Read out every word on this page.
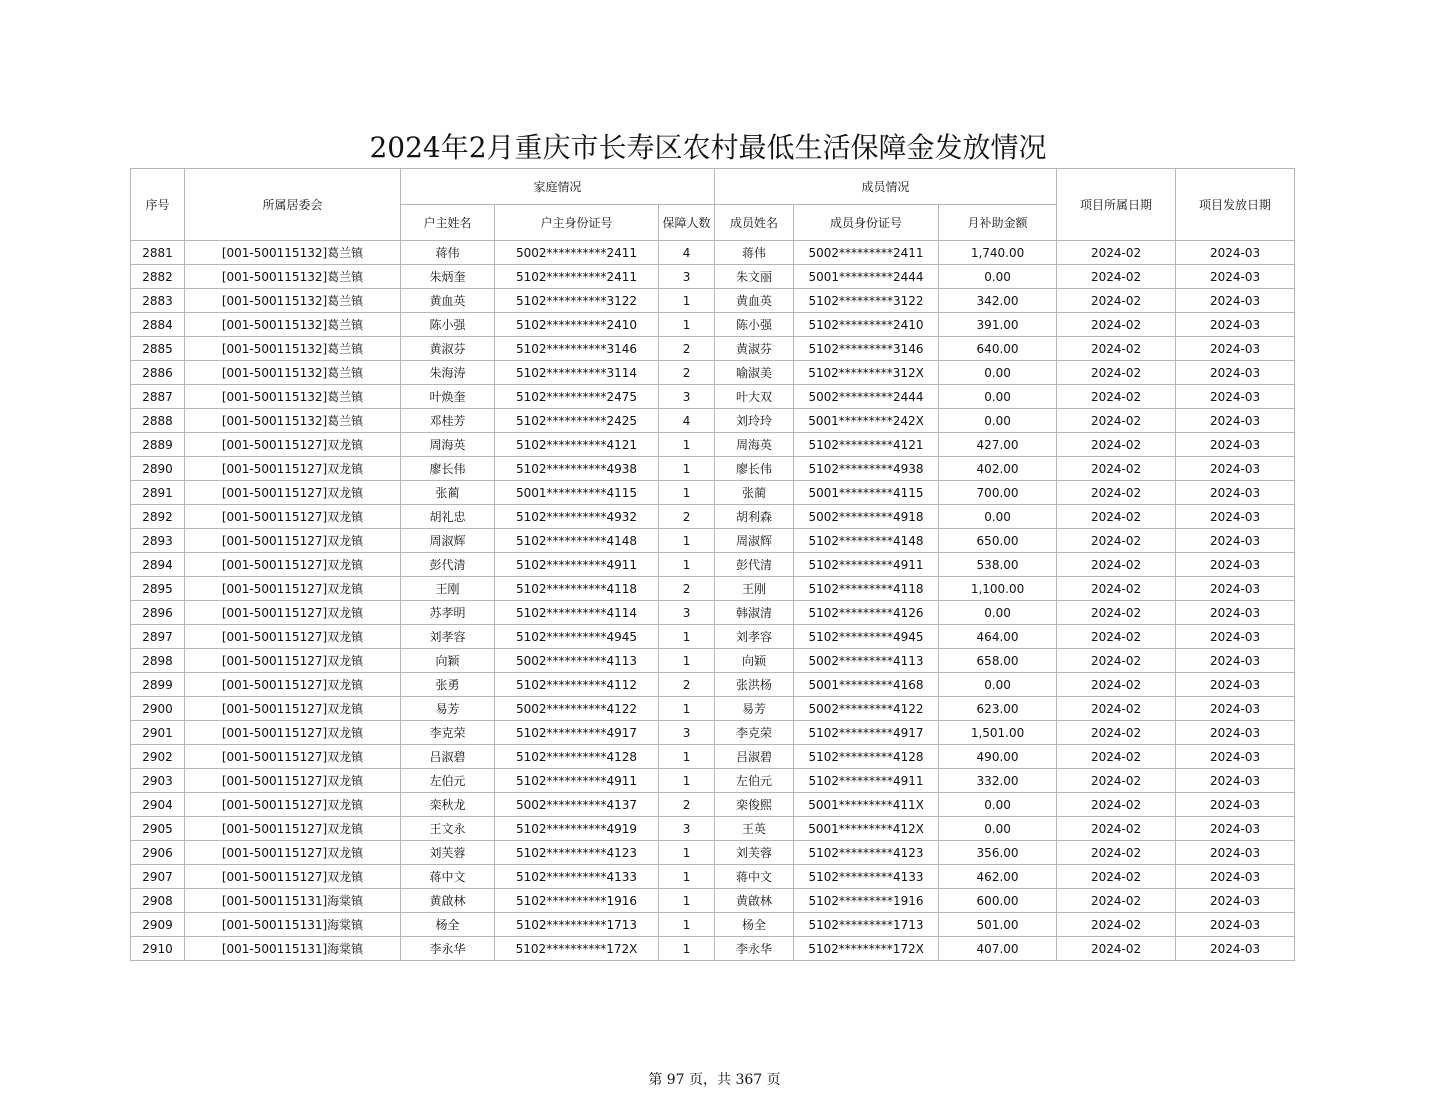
2024年2月重庆市长寿区农村最低生活保障金发放情况
序号	所属居委会	家庭情况			成员情况			项目所属日期	项目发放日期
		户主姓名	户主身份证号	保障人数	成员姓名	成员身份证号	月补助金额		
2881	[001-500115132]葛兰镇	蒋伟	5002**********2411	4	蒋伟	5002*********2411	1,740.00	2024-02	2024-03
2882	[001-500115132]葛兰镇	朱炳奎	5102**********2411	3	朱文丽	5001*********2444	0.00	2024-02	2024-03
2883	[001-500115132]葛兰镇	黄血英	5102**********3122	1	黄血英	5102*********3122	342.00	2024-02	2024-03
2884	[001-500115132]葛兰镇	陈小强	5102**********2410	1	陈小强	5102*********2410	391.00	2024-02	2024-03
2885	[001-500115132]葛兰镇	黄淑芬	5102**********3146	2	黄淑芬	5102*********3146	640.00	2024-02	2024-03
2886	[001-500115132]葛兰镇	朱海涛	5102**********3114	2	喻淑美	5102*********312X	0.00	2024-02	2024-03
2887	[001-500115132]葛兰镇	叶焕奎	5102**********2475	3	叶大双	5002*********2444	0.00	2024-02	2024-03
2888	[001-500115132]葛兰镇	邓桂芳	5102**********2425	4	刘玲玲	5001*********242X	0.00	2024-02	2024-03
2889	[001-500115127]双龙镇	周海英	5102**********4121	1	周海英	5102*********4121	427.00	2024-02	2024-03
2890	[001-500115127]双龙镇	廖长伟	5102**********4938	1	廖长伟	5102*********4938	402.00	2024-02	2024-03
2891	[001-500115127]双龙镇	张蔺	5001**********4115	1	张蔺	5001*********4115	700.00	2024-02	2024-03
2892	[001-500115127]双龙镇	胡礼忠	5102**********4932	2	胡利森	5002*********4918	0.00	2024-02	2024-03
2893	[001-500115127]双龙镇	周淑辉	5102**********4148	1	周淑辉	5102*********4148	650.00	2024-02	2024-03
2894	[001-500115127]双龙镇	彭代清	5102**********4911	1	彭代清	5102*********4911	538.00	2024-02	2024-03
2895	[001-500115127]双龙镇	王刚	5102**********4118	2	王刚	5102*********4118	1,100.00	2024-02	2024-03
2896	[001-500115127]双龙镇	苏孝明	5102**********4114	3	韩淑清	5102*********4126	0.00	2024-02	2024-03
2897	[001-500115127]双龙镇	刘孝容	5102**********4945	1	刘孝容	5102*********4945	464.00	2024-02	2024-03
2898	[001-500115127]双龙镇	向颖	5002**********4113	1	向颖	5002*********4113	658.00	2024-02	2024-03
2899	[001-500115127]双龙镇	张勇	5102**********4112	2	张洪杨	5001*********4168	0.00	2024-02	2024-03
2900	[001-500115127]双龙镇	易芳	5002**********4122	1	易芳	5002*********4122	623.00	2024-02	2024-03
2901	[001-500115127]双龙镇	李克荣	5102**********4917	3	李克荣	5102*********4917	1,501.00	2024-02	2024-03
2902	[001-500115127]双龙镇	吕淑碧	5102**********4128	1	吕淑碧	5102*********4128	490.00	2024-02	2024-03
2903	[001-500115127]双龙镇	左伯元	5102**********4911	1	左伯元	5102*********4911	332.00	2024-02	2024-03
2904	[001-500115127]双龙镇	栾秋龙	5002**********4137	2	栾俊熙	5001*********411X	0.00	2024-02	2024-03
2905	[001-500115127]双龙镇	王文永	5102**********4919	3	王英	5001*********412X	0.00	2024-02	2024-03
2906	[001-500115127]双龙镇	刘芙蓉	5102**********4123	1	刘芙蓉	5102*********4123	356.00	2024-02	2024-03
2907	[001-500115127]双龙镇	蒋中文	5102**********4133	1	蒋中文	5102*********4133	462.00	2024-02	2024-03
2908	[001-500115131]海棠镇	黄啟林	5102**********1916	1	黄啟林	5102*********1916	600.00	2024-02	2024-03
2909	[001-500115131]海棠镇	杨全	5102**********1713	1	杨全	5102*********1713	501.00	2024-02	2024-03
2910	[001-500115131]海棠镇	李永华	5102**********172X	1	李永华	5102*********172X	407.00	2024-02	2024-03
第 97 页，共 367 页
